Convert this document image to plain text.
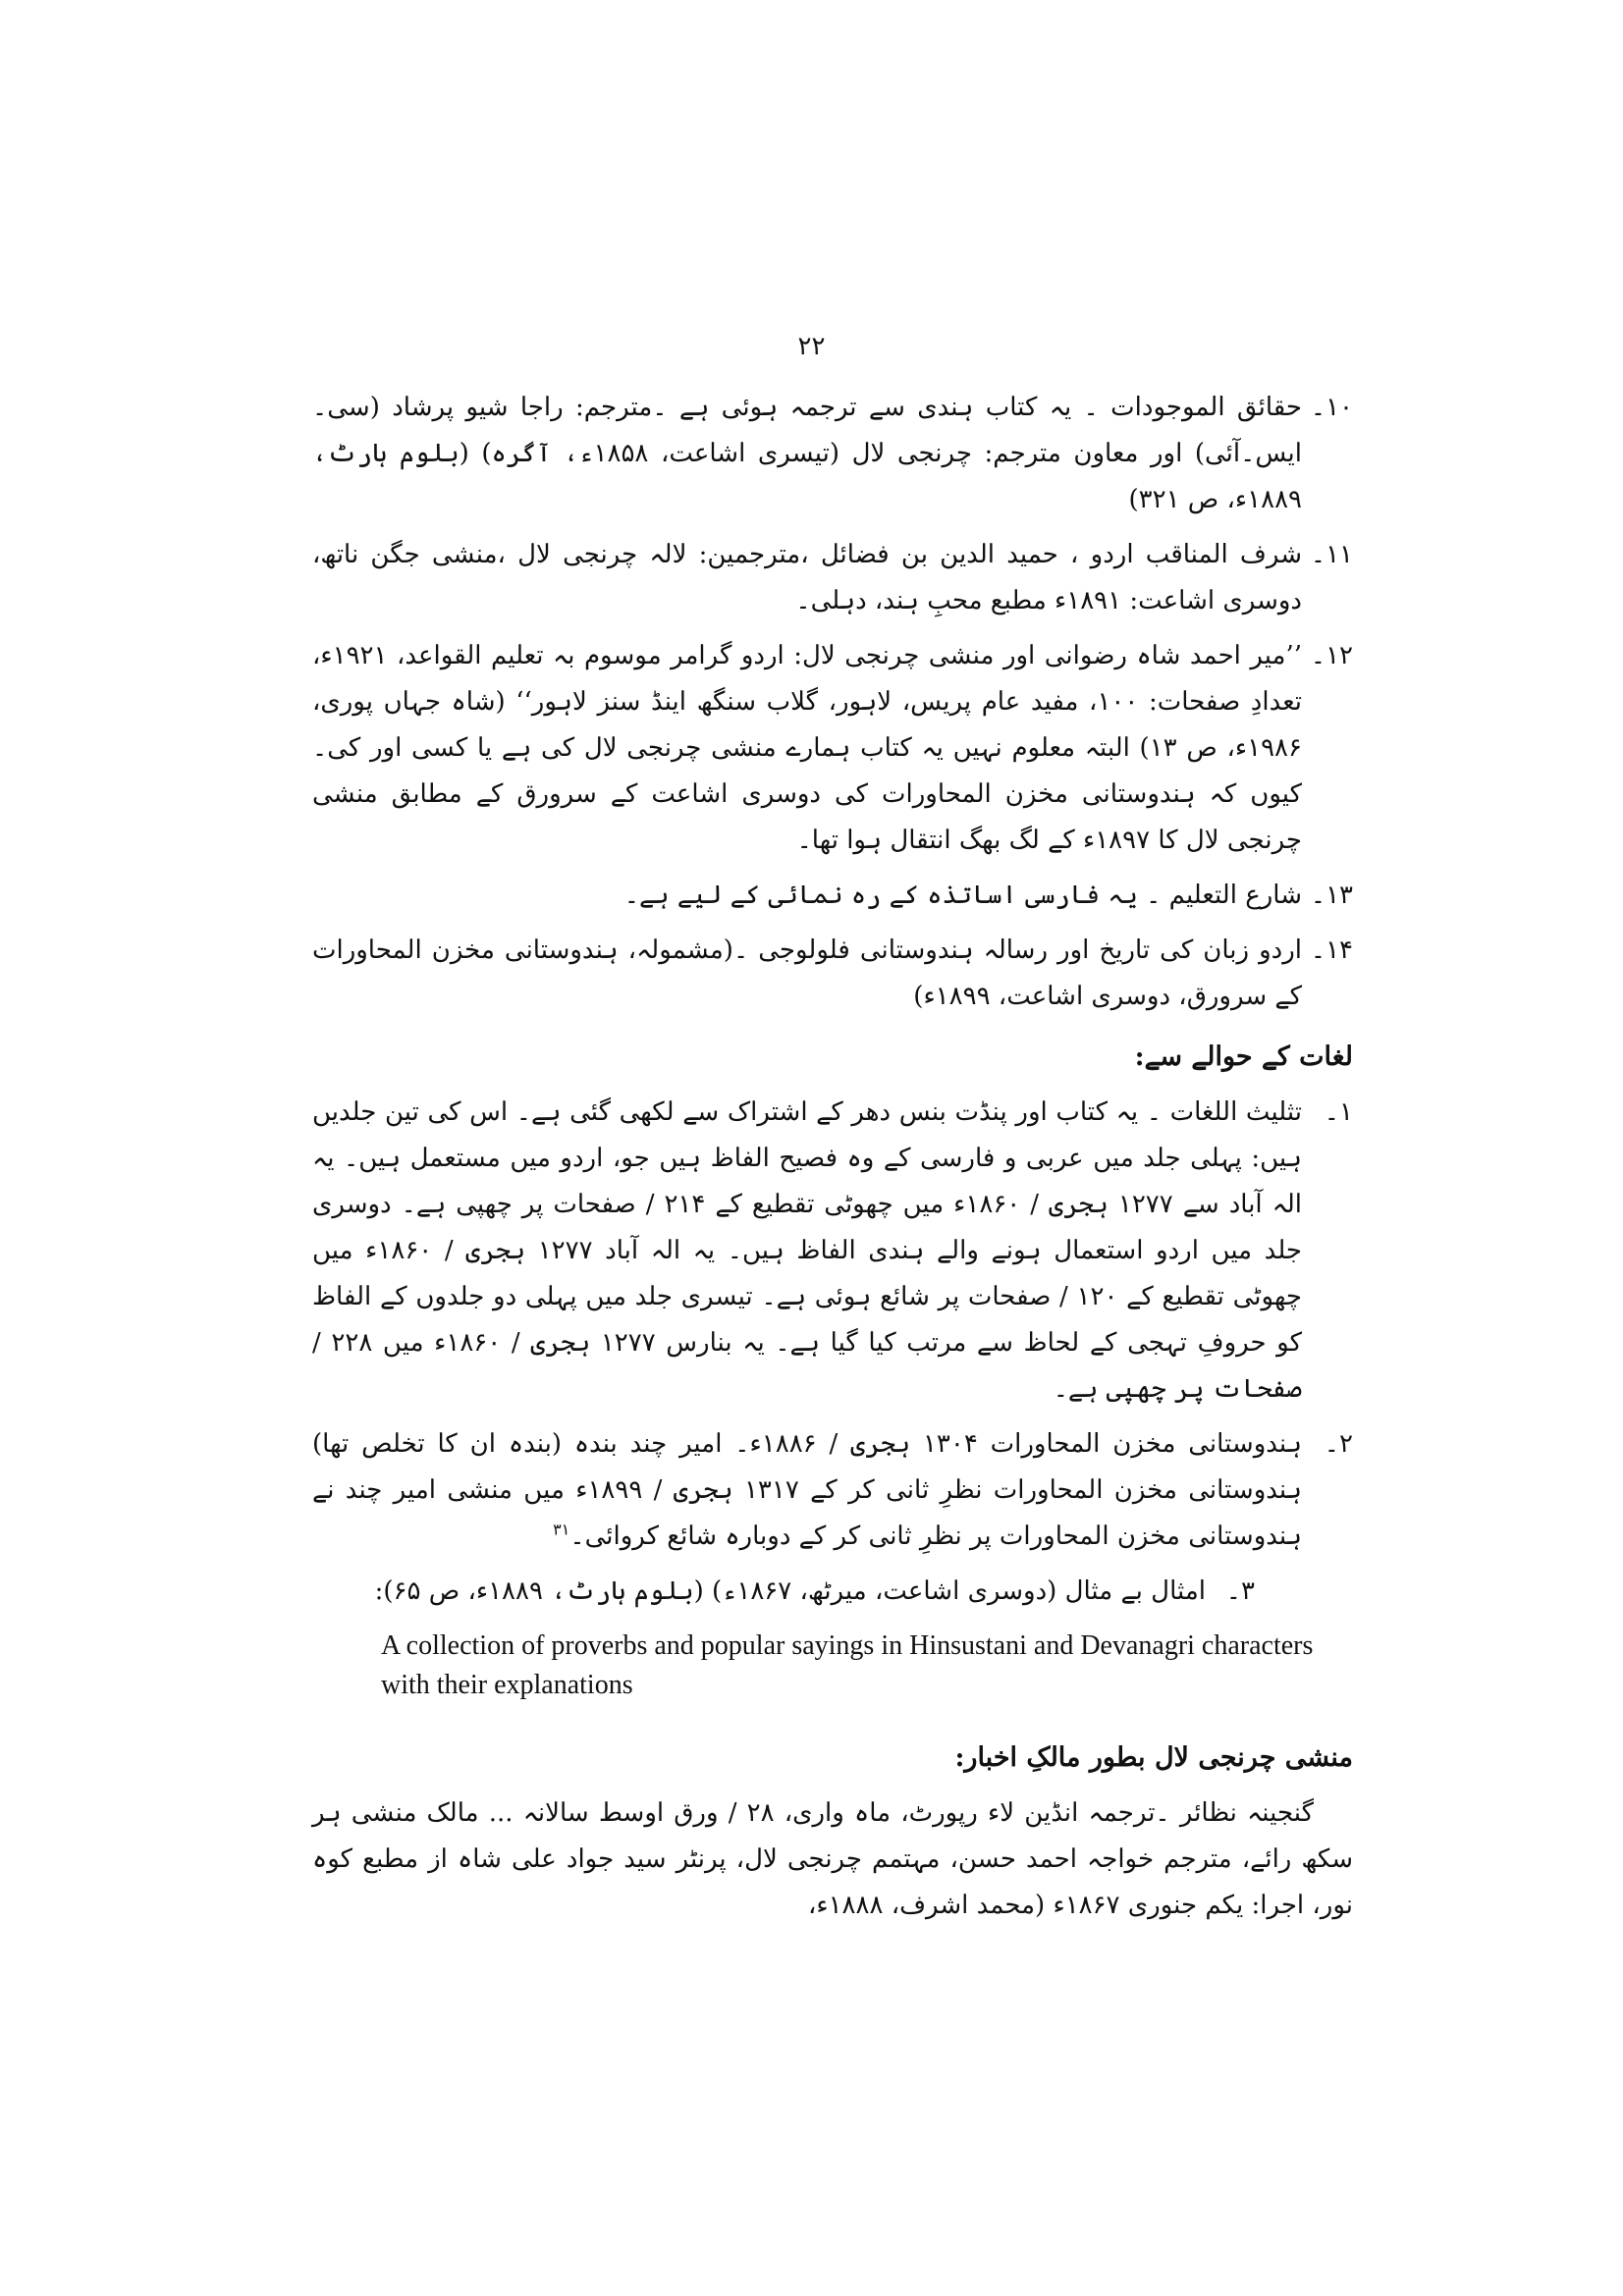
۲۲
۱۰۔
حقائق الموجودات ۔ یہ کتاب ہندی سے ترجمہ ہوئی ہے ۔مترجم: راجا شیو پرشاد (سی۔ایس۔آئی) اور معاون مترجم: چرنجی لال (تیسری اشاعت، ۱۸۵۸ء، آگرہ) (بلوم ہارٹ، ۱۸۸۹ء، ص ۳۲۱)
۱۱۔
شرف المناقب اردو ، حمید الدین بن فضائل ،مترجمین: لالہ چرنجی لال ،منشی جگن ناتھ، دوسری اشاعت: ۱۸۹۱ء مطبع محبِ ہند، دہلی۔
۱۲۔
’’میر احمد شاہ رضوانی اور منشی چرنجی لال: اردو گرامر موسوم بہ تعلیم القواعد، ۱۹۲۱ء، تعدادِ صفحات: ۱۰۰، مفید عام پریس، لاہور، گلاب سنگھ اینڈ سنز لاہور‘‘ (شاہ جہاں پوری، ۱۹۸۶ء، ص ۱۳) البتہ معلوم نہیں یہ کتاب ہمارے منشی چرنجی لال کی ہے یا کسی اور کی۔ کیوں کہ ہندوستانی مخزن المحاورات کی دوسری اشاعت کے سرورق کے مطابق منشی چرنجی لال کا ۱۸۹۷ء کے لگ بھگ انتقال ہوا تھا۔
۱۳۔
شارع التعلیم ۔ یہ فارسی اساتذہ کے رہ نمائی کے لیے ہے۔
۱۴۔
اردو زبان کی تاریخ اور رسالہ ہندوستانی فلولوجی ۔(مشمولہ، ہندوستانی مخزن المحاورات کے سرورق، دوسری اشاعت، ۱۸۹۹ء)
لغات کے حوالے سے:
۱۔
تثلیث اللغات ۔ یہ کتاب اور پنڈت بنس دھر کے اشتراک سے لکھی گئی ہے۔ اس کی تین جلدیں ہیں: پہلی جلد میں عربی و فارسی کے وہ فصیح الفاظ ہیں جو، اردو میں مستعمل ہیں۔ یہ الہ آباد سے ۱۲۷۷ ہجری / ۱۸۶۰ء میں چھوٹی تقطیع کے ۲۱۴ / صفحات پر چھپی ہے۔ دوسری جلد میں اردو استعمال ہونے والے ہندی الفاظ ہیں۔ یہ الہ آباد ۱۲۷۷ ہجری / ۱۸۶۰ء میں چھوٹی تقطیع کے ۱۲۰ / صفحات پر شائع ہوئی ہے۔ تیسری جلد میں پہلی دو جلدوں کے الفاظ کو حروفِ تہجی کے لحاظ سے مرتب کیا گیا ہے۔ یہ بنارس ۱۲۷۷ ہجری / ۱۸۶۰ء میں ۲۲۸ / صفحات پر چھپی ہے۔
۲۔
ہندوستانی مخزن المحاورات ۱۳۰۴ ہجری / ۱۸۸۶ء۔ امیر چند بندہ (بندہ ان کا تخلص تھا) ہندوستانی مخزن المحاورات نظرِ ثانی کر کے ۱۳۱۷ ہجری / ۱۸۹۹ء میں منشی امیر چند نے ہندوستانی مخزن المحاورات پر نظرِ ثانی کر کے دوبارہ شائع کروائی۔$^{۳۱}$
۳۔
امثال بے مثال (دوسری اشاعت، میرٹھ، ۱۸۶۷ء) (بلوم ہارٹ، ۱۸۸۹ء، ص ۶۵):
A collection of proverbs and popular sayings in Hinsustani and Devanagri characters with their explanations
منشی چرنجی لال بطور مالکِ اخبار:
گنجینہ نظائر ۔ترجمہ انڈین لاء رپورٹ، ماہ واری، ۲۸ / ورق اوسط سالانہ ... مالک منشی ہر سکھ رائے، مترجم خواجہ احمد حسن، مہتمم چرنجی لال، پرنٹر سید جواد علی شاہ از مطبع کوہ نور، اجرا: یکم جنوری ۱۸۶۷ء (محمد اشرف، ۱۸۸۸ء،
